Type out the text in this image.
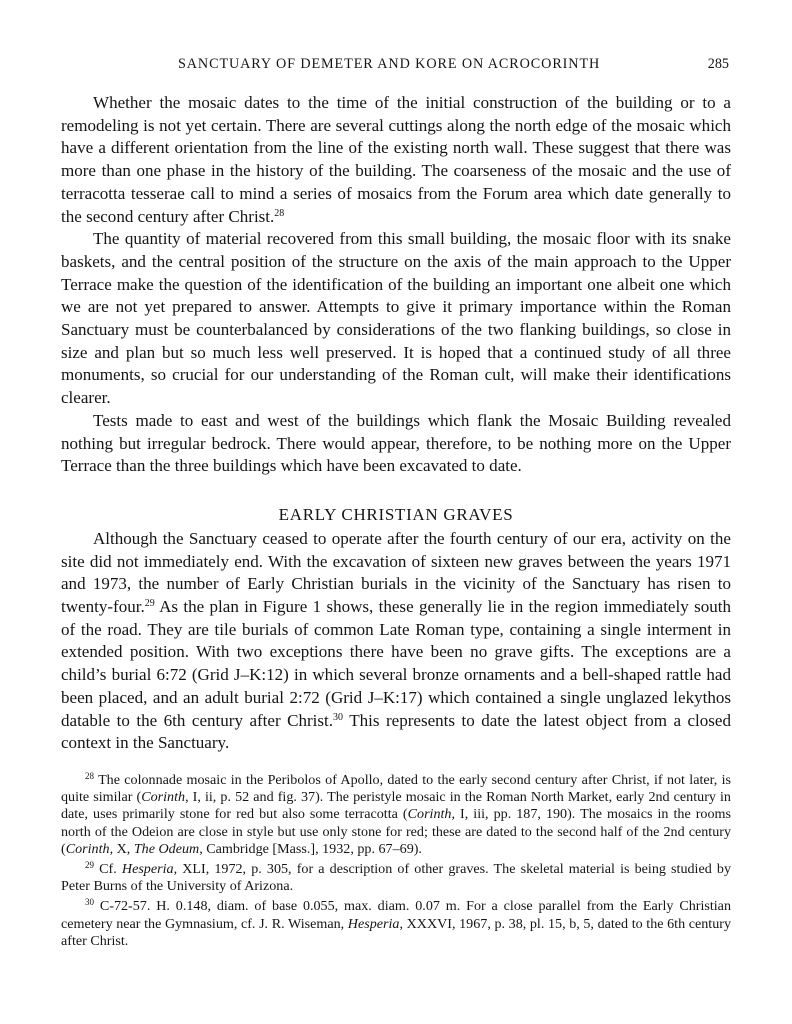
SANCTUARY OF DEMETER AND KORE ON ACROCORINTH	285

Whether the mosaic dates to the time of the initial construction of the building or to a remodeling is not yet certain. There are several cuttings along the north edge of the mosaic which have a different orientation from the line of the existing north wall. These suggest that there was more than one phase in the history of the building. The coarseness of the mosaic and the use of terracotta tesserae call to mind a series of mosaics from the Forum area which date generally to the second century after Christ.$^{28}$

The quantity of material recovered from this small building, the mosaic floor with its snake baskets, and the central position of the structure on the axis of the main approach to the Upper Terrace make the question of the identification of the building an important one albeit one which we are not yet prepared to answer. Attempts to give it primary importance within the Roman Sanctuary must be counterbalanced by considerations of the two flanking buildings, so close in size and plan but so much less well preserved. It is hoped that a continued study of all three monuments, so crucial for our understanding of the Roman cult, will make their identifications clearer.

Tests made to east and west of the buildings which flank the Mosaic Building revealed nothing but irregular bedrock. There would appear, therefore, to be nothing more on the Upper Terrace than the three buildings which have been excavated to date.

EARLY CHRISTIAN GRAVES

Although the Sanctuary ceased to operate after the fourth century of our era, activity on the site did not immediately end. With the excavation of sixteen new graves between the years 1971 and 1973, the number of Early Christian burials in the vicinity of the Sanctuary has risen to twenty-four.$^{29}$ As the plan in Figure 1 shows, these generally lie in the region immediately south of the road. They are tile burials of common Late Roman type, containing a single interment in extended position. With two exceptions there have been no grave gifts. The exceptions are a child’s burial 6:72 (Grid J–K:12) in which several bronze ornaments and a bell-shaped rattle had been placed, and an adult burial 2:72 (Grid J–K:17) which contained a single unglazed lekythos datable to the 6th century after Christ.$^{30}$ This represents to date the latest object from a closed context in the Sanctuary.

$^{28}$ The colonnade mosaic in the Peribolos of Apollo, dated to the early second century after Christ, if not later, is quite similar (Corinth, I, ii, p. 52 and fig. 37). The peristyle mosaic in the Roman North Market, early 2nd century in date, uses primarily stone for red but also some terracotta (Corinth, I, iii, pp. 187, 190). The mosaics in the rooms north of the Odeion are close in style but use only stone for red; these are dated to the second half of the 2nd century (Corinth, X, The Odeum, Cambridge [Mass.], 1932, pp. 67–69).

$^{29}$ Cf. Hesperia, XLI, 1972, p. 305, for a description of other graves. The skeletal material is being studied by Peter Burns of the University of Arizona.

$^{30}$ C-72-57. H. 0.148, diam. of base 0.055, max. diam. 0.07 m. For a close parallel from the Early Christian cemetery near the Gymnasium, cf. J. R. Wiseman, Hesperia, XXXVI, 1967, p. 38, pl. 15, b, 5, dated to the 6th century after Christ.
